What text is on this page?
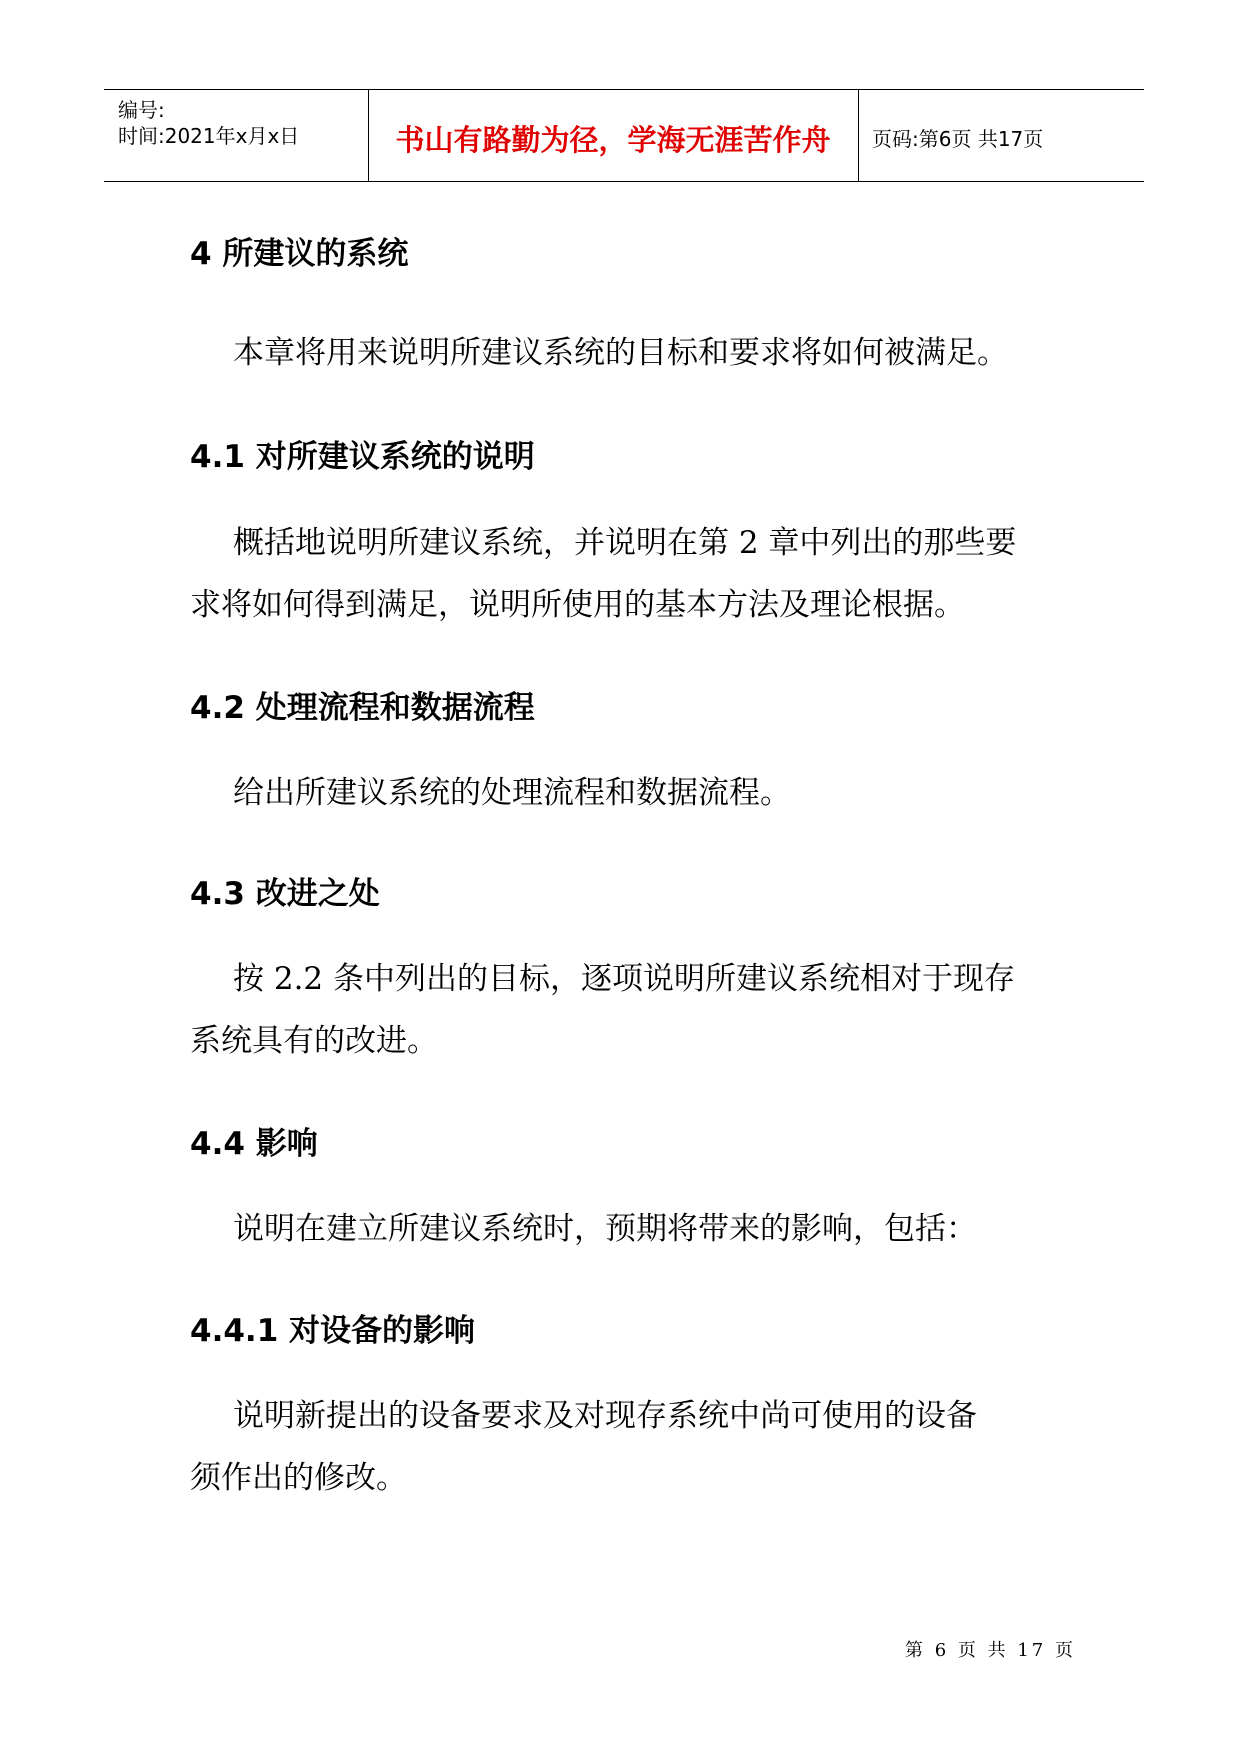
编号:
时间:2021年x月x日	书山有路勤为径，学海无涯苦作舟	页码:第6页 共17页
4 所建议的系统

本章将用来说明所建议系统的目标和要求将如何被满足。

4.1 对所建议系统的说明

概括地说明所建议系统，并说明在第 2 章中列出的那些要
求将如何得到满足，说明所使用的基本方法及理论根据。

4.2 处理流程和数据流程

给出所建议系统的处理流程和数据流程。

4.3 改进之处

按 2.2 条中列出的目标，逐项说明所建议系统相对于现存
系统具有的改进。

4.4 影响

说明在建立所建议系统时，预期将带来的影响，包括：

4.4.1 对设备的影响

说明新提出的设备要求及对现存系统中尚可使用的设备
须作出的修改。

第 6 页 共 17 页
